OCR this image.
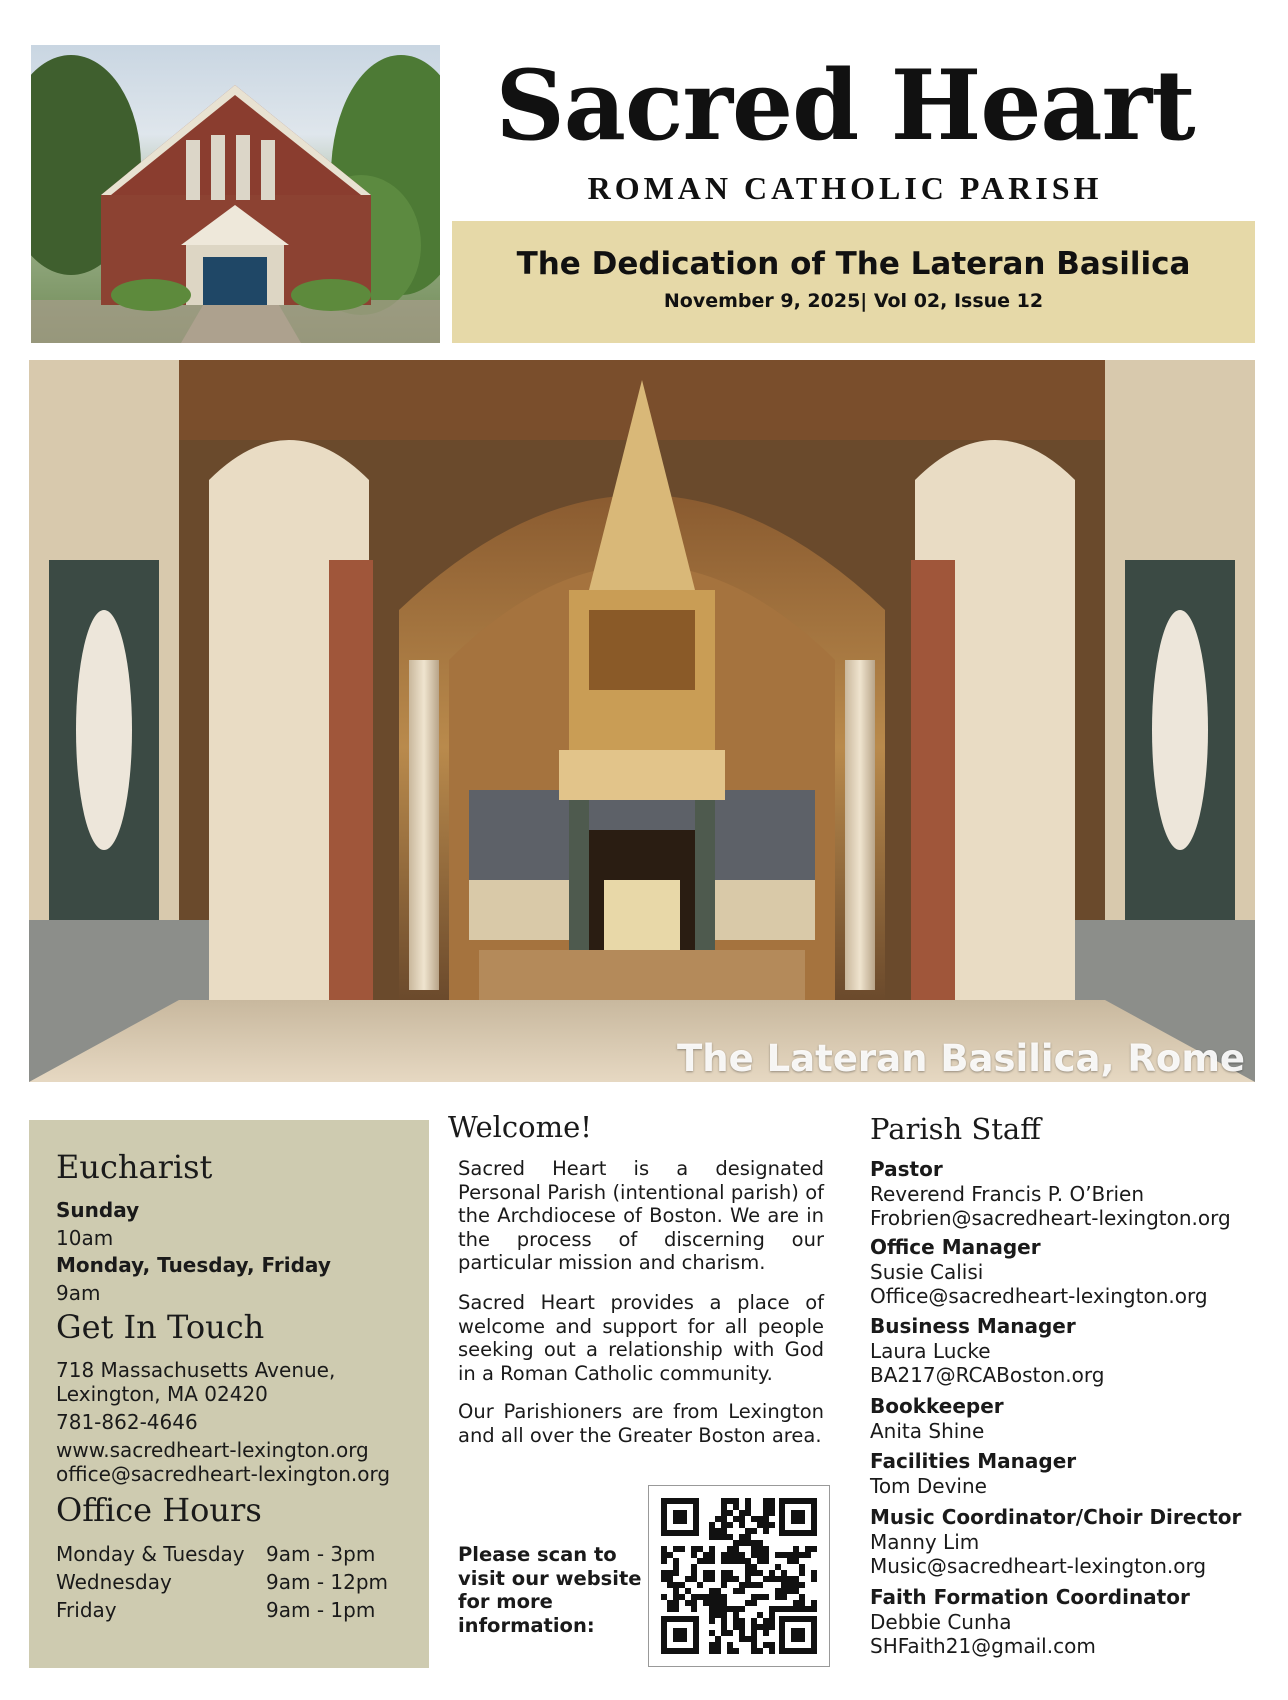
Sacred Heart
ROMAN CATHOLIC PARISH
The Dedication of The Lateran Basilica
November 9, 2025| Vol 02, Issue 12
The Lateran Basilica, Rome
Eucharist
Sunday
10am
Monday, Tuesday, Friday
9am
Get In Touch
718 Massachusetts Avenue,
Lexington, MA 02420
781-862-4646
www.sacredheart-lexington.org
office@sacredheart-lexington.org
Office Hours
Monday & Tuesday 9am - 3pm
Wednesday	9am - 12pm
Friday	9am - 1pm
Welcome!
Sacred Heart is a designated Personal Parish (intentional parish) of the Archdiocese of Boston. We are in the process of discerning our particular mission and charism.
Sacred Heart provides a place of welcome and support for all people seeking out a relationship with God in a Roman Catholic community.
Our Parishioners are from Lexington and all over the Greater Boston area.
Please scan to visit our website for more information:
Parish Staff
Pastor
Reverend Francis P. O’Brien
Frobrien@sacredheart-lexington.org
Office Manager
Susie Calisi
Office@sacredheart-lexington.org
Business Manager
Laura Lucke
BA217@RCABoston.org
Bookkeeper
Anita Shine
Facilities Manager
Tom Devine
Music Coordinator/Choir Director
Manny Lim
Music@sacredheart-lexington.org
Faith Formation Coordinator
Debbie Cunha
SHFaith21@gmail.com
